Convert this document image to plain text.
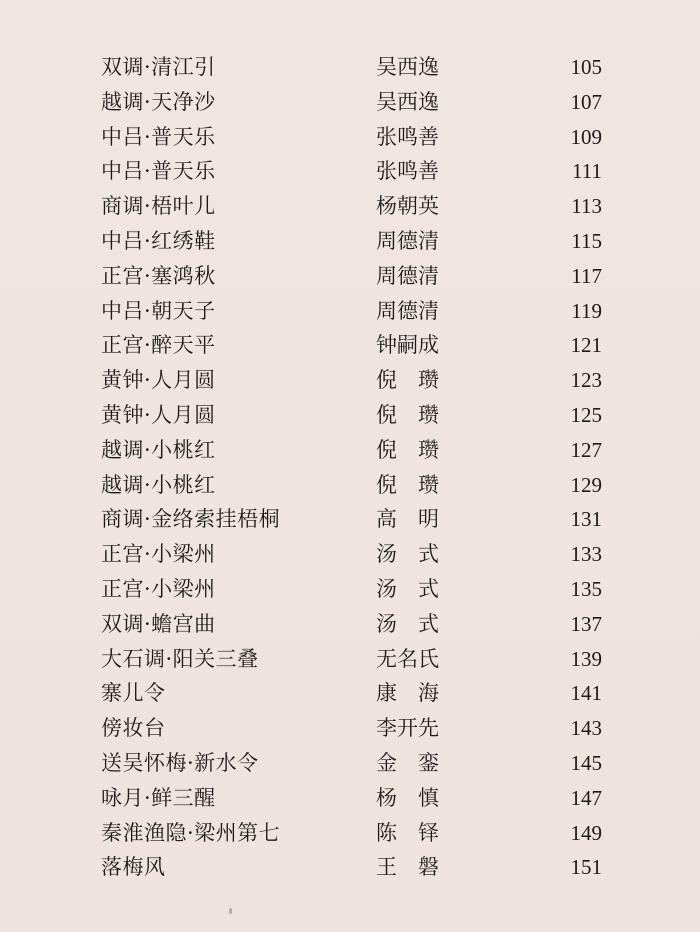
双调·清江引	吴西逸	105
越调·天净沙	吴西逸	107
中吕·普天乐	张鸣善	109
中吕·普天乐	张鸣善	111
商调·梧叶儿	杨朝英	113
中吕·红绣鞋	周德清	115
正宫·塞鸿秋	周德清	117
中吕·朝天子	周德清	119
正宫·醉天平	钟嗣成	121
黄钟·人月圆	倪　瓒	123
黄钟·人月圆	倪　瓒	125
越调·小桃红	倪　瓒	127
越调·小桃红	倪　瓒	129
商调·金络索挂梧桐	高　明	131
正宫·小梁州	汤　式	133
正宫·小梁州	汤　式	135
双调·蟾宫曲	汤　式	137
大石调·阳关三叠	无名氏	139
寨儿令	康　海	141
傍妆台	李开先	143
送吴怀梅·新水令	金　銮	145
咏月·鲜三醒	杨　慎	147
秦淮渔隐·梁州第七	陈　铎	149
落梅风	王　磐	151
